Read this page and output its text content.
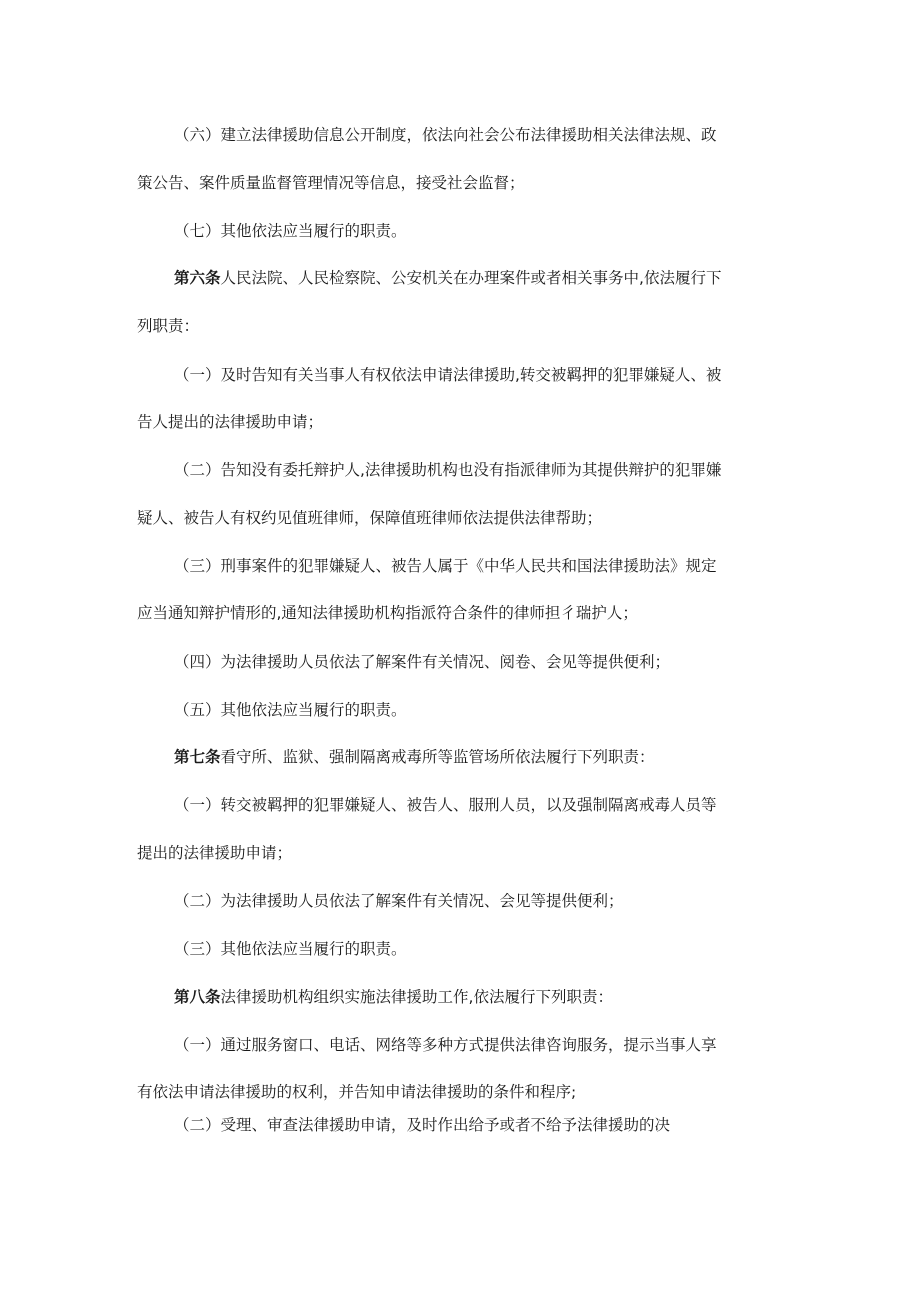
（六）建立法律援助信息公开制度，依法向社会公布法律援助相关法律法规、政
策公告、案件质量监督管理情况等信息，接受社会监督；
（七）其他依法应当履行的职责。
第六条人民法院、人民检察院、公安机关在办理案件或者相关事务中,依法履行下
列职责：
（一）及时告知有关当事人有权依法申请法律援助,转交被羁押的犯罪嫌疑人、被
告人提出的法律援助申请；
（二）告知没有委托辩护人,法律援助机构也没有指派律师为其提供辩护的犯罪嫌
疑人、被告人有权约见值班律师，保障值班律师依法提供法律帮助；
（三）刑事案件的犯罪嫌疑人、被告人属于《中华人民共和国法律援助法》规定
应当通知辩护情形的,通知法律援助机构指派符合条件的律师担彳瑞护人；
（四）为法律援助人员依法了解案件有关情况、阅卷、会见等提供便利；
（五）其他依法应当履行的职责。
第七条看守所、监狱、强制隔离戒毒所等监管场所依法履行下列职责：
（一）转交被羁押的犯罪嫌疑人、被告人、服刑人员，以及强制隔离戒毒人员等
提出的法律援助申请；
（二）为法律援助人员依法了解案件有关情况、会见等提供便利；
（三）其他依法应当履行的职责。
第八条法律援助机构组织实施法律援助工作,依法履行下列职责：
（一）通过服务窗口、电话、网络等多种方式提供法律咨询服务，提示当事人享
有依法申请法律援助的权利，并告知申请法律援助的条件和程序;
（二）受理、审查法律援助申请，及时作出给予或者不给予法律援助的决
